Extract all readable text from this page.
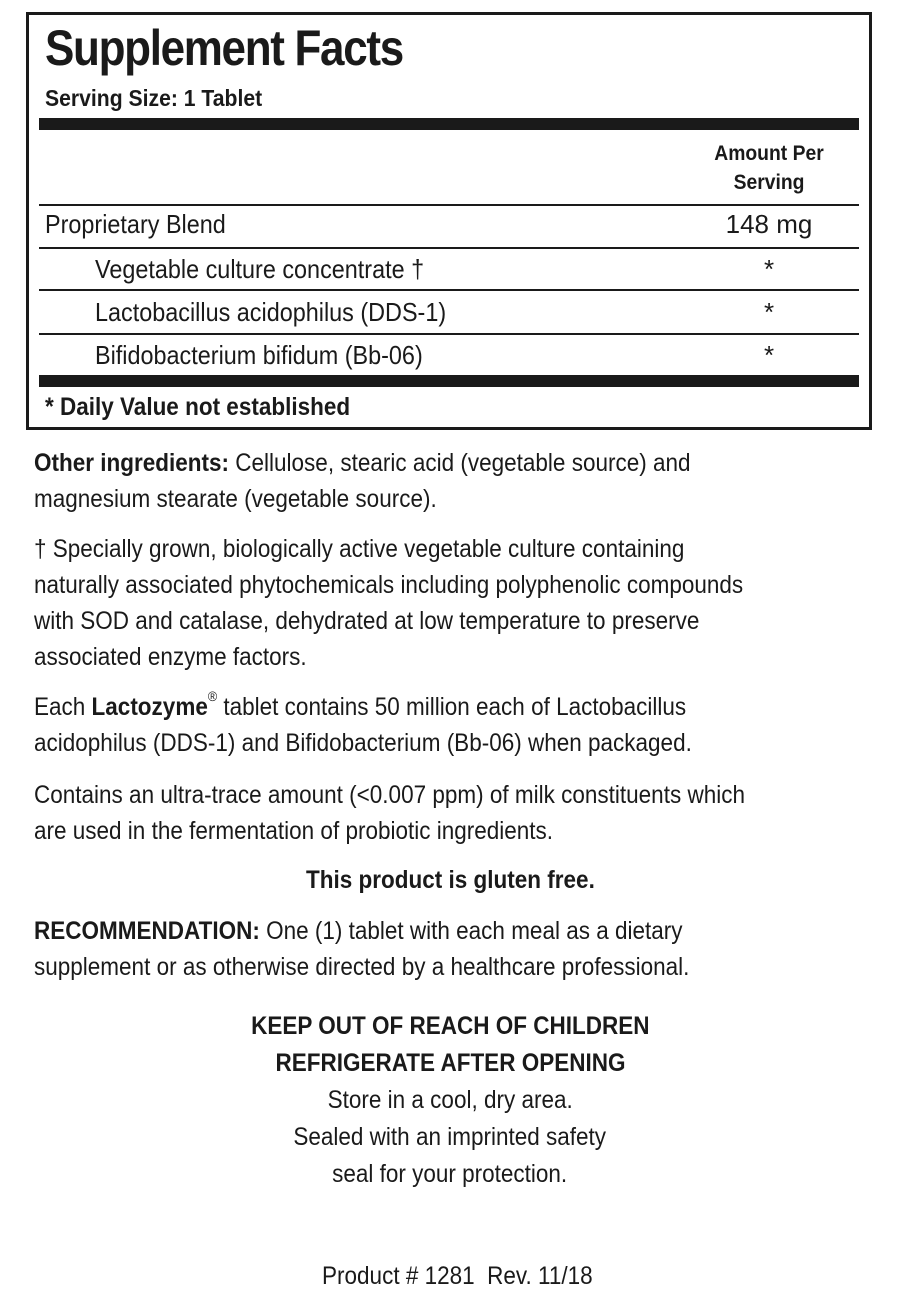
Supplement Facts
Serving Size: 1 Tablet
Amount Per
Serving
Proprietary Blend	148 mg
Vegetable culture concentrate †	*
Lactobacillus acidophilus (DDS-1)	*
Bifidobacterium bifidum (Bb-06)	*
* Daily Value not established

Other ingredients: Cellulose, stearic acid (vegetable source) and
magnesium stearate (vegetable source).

† Specially grown, biologically active vegetable culture containing
naturally associated phytochemicals including polyphenolic compounds
with SOD and catalase, dehydrated at low temperature to preserve
associated enzyme factors.

Each Lactozyme® tablet contains 50 million each of Lactobacillus
acidophilus (DDS-1) and Bifidobacterium (Bb-06) when packaged.

Contains an ultra-trace amount (<0.007 ppm) of milk constituents which
are used in the fermentation of probiotic ingredients.

This product is gluten free.

RECOMMENDATION: One (1) tablet with each meal as a dietary
supplement or as otherwise directed by a healthcare professional.

KEEP OUT OF REACH OF CHILDREN
REFRIGERATE AFTER OPENING
Store in a cool, dry area.
Sealed with an imprinted safety
seal for your protection.

Product # 1281  Rev. 11/18
